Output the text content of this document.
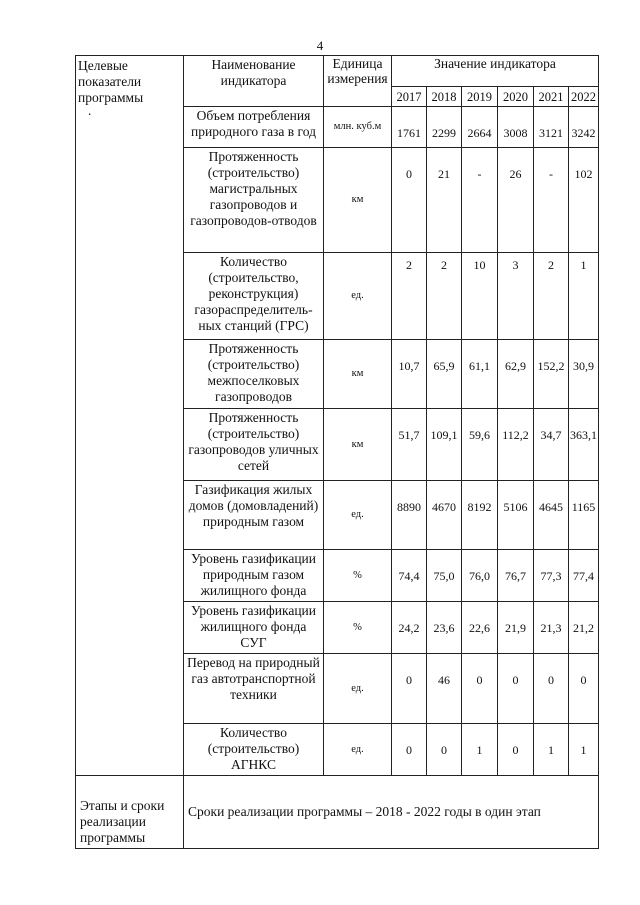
4
Целевые показатели программы
.	Наименование индикатора	Единица измерения	Значение индикатора					
			2017	2018	2019	2020	2021	2022
	Объем потребления природного газа в год	млн. куб.м	1761	2299	2664	3008	3121	3242
	Протяженность (строительство) магистральных газопроводов и газопроводов-отводов	км	0	21	-	26	-	102
	Количество (строительство, реконструкция) газораспределитель-ных станций (ГРС)	ед.	2	2	10	3	2	1
	Протяженность (строительство) межпоселковых газопроводов	км	10,7	65,9	61,1	62,9	152,2	30,9
	Протяженность (строительство) газопроводов уличных сетей	км	51,7	109,1	59,6	112,2	34,7	363,1
	Газификация жилых домов (домовладений) природным газом	ед.	8890	4670	8192	5106	4645	1165
	Уровень газификации природным газом жилищного фонда	%	74,4	75,0	76,0	76,7	77,3	77,4
	Уровень газификации жилищного фонда СУГ	%	24,2	23,6	22,6	21,9	21,3	21,2
	Перевод на природный газ автотранспортной техники	ед.	0	46	0	0	0	0
	Количество (строительство) АГНКС	ед.	0	0	1	0	1	1
Этапы и сроки реализации программы	Сроки реализации программы – 2018 - 2022 годы в один этап							
